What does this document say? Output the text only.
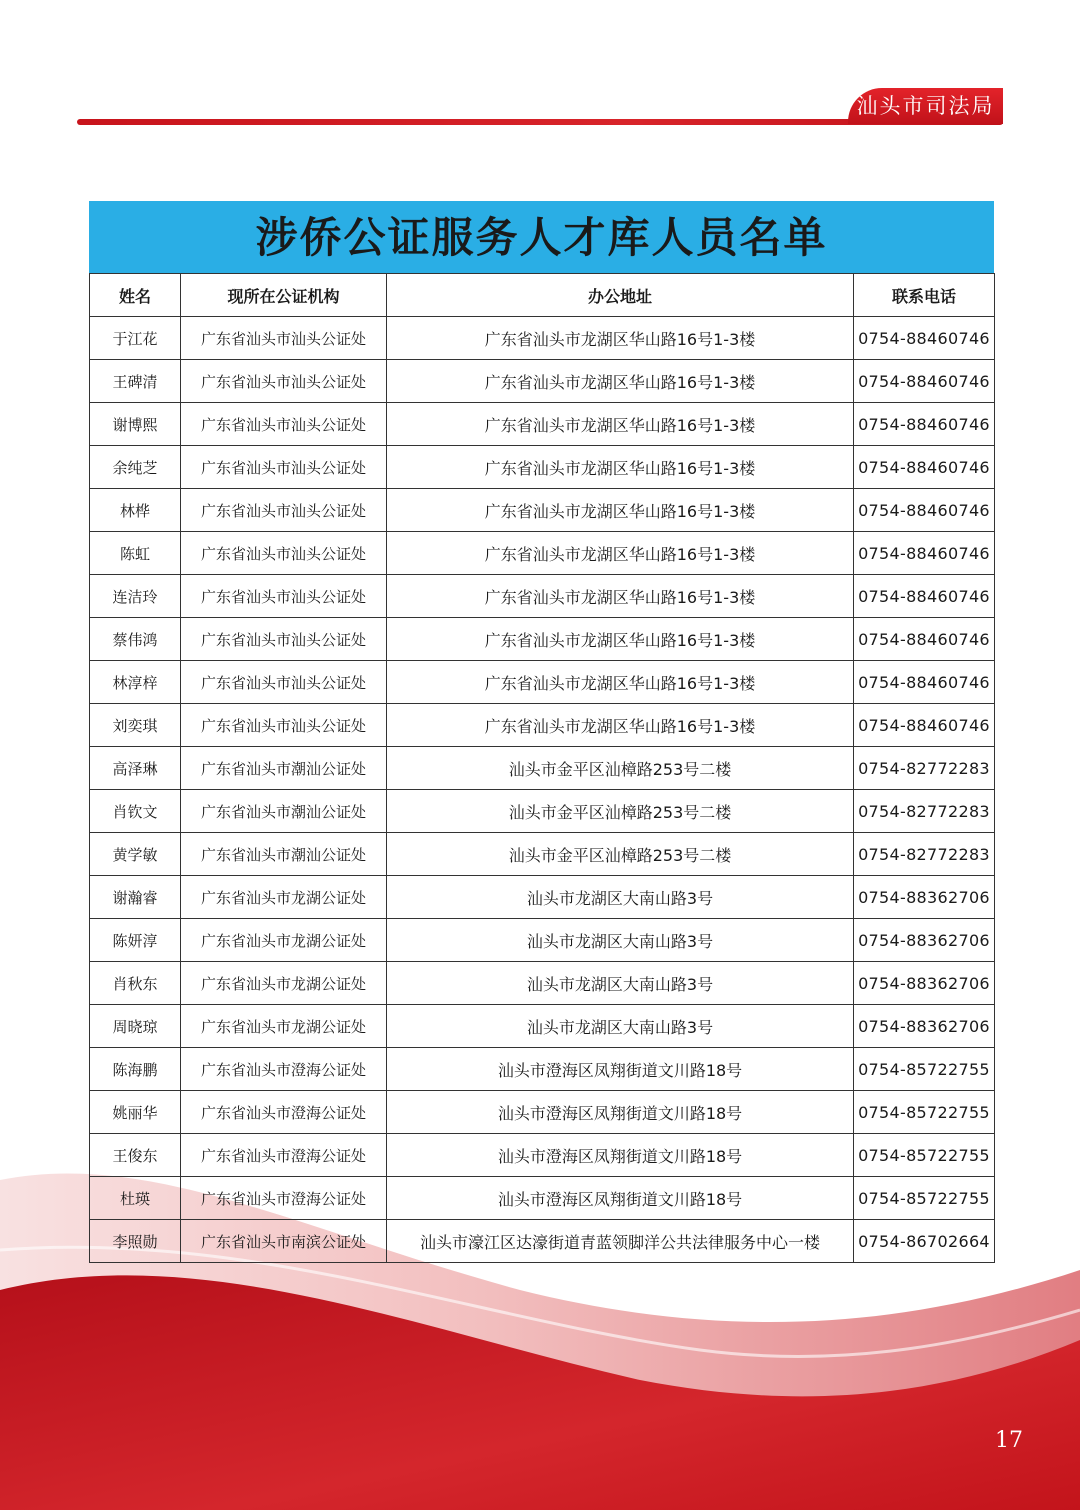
汕头市司法局
涉侨公证服务人才库人员名单
姓名	现所在公证机构	办公地址	联系电话
于江花	广东省汕头市汕头公证处	广东省汕头市龙湖区华山路16号1-3楼	0754-88460746
王碑清	广东省汕头市汕头公证处	广东省汕头市龙湖区华山路16号1-3楼	0754-88460746
谢博熙	广东省汕头市汕头公证处	广东省汕头市龙湖区华山路16号1-3楼	0754-88460746
余纯芝	广东省汕头市汕头公证处	广东省汕头市龙湖区华山路16号1-3楼	0754-88460746
林桦	广东省汕头市汕头公证处	广东省汕头市龙湖区华山路16号1-3楼	0754-88460746
陈虹	广东省汕头市汕头公证处	广东省汕头市龙湖区华山路16号1-3楼	0754-88460746
连洁玲	广东省汕头市汕头公证处	广东省汕头市龙湖区华山路16号1-3楼	0754-88460746
蔡伟鸿	广东省汕头市汕头公证处	广东省汕头市龙湖区华山路16号1-3楼	0754-88460746
林淳梓	广东省汕头市汕头公证处	广东省汕头市龙湖区华山路16号1-3楼	0754-88460746
刘奕琪	广东省汕头市汕头公证处	广东省汕头市龙湖区华山路16号1-3楼	0754-88460746
高泽琳	广东省汕头市潮汕公证处	汕头市金平区汕樟路253号二楼	0754-82772283
肖钦文	广东省汕头市潮汕公证处	汕头市金平区汕樟路253号二楼	0754-82772283
黄学敏	广东省汕头市潮汕公证处	汕头市金平区汕樟路253号二楼	0754-82772283
谢瀚睿	广东省汕头市龙湖公证处	汕头市龙湖区大南山路3号	0754-88362706
陈妍淳	广东省汕头市龙湖公证处	汕头市龙湖区大南山路3号	0754-88362706
肖秋东	广东省汕头市龙湖公证处	汕头市龙湖区大南山路3号	0754-88362706
周晓琼	广东省汕头市龙湖公证处	汕头市龙湖区大南山路3号	0754-88362706
陈海鹏	广东省汕头市澄海公证处	汕头市澄海区凤翔街道文川路18号	0754-85722755
姚丽华	广东省汕头市澄海公证处	汕头市澄海区凤翔街道文川路18号	0754-85722755
王俊东	广东省汕头市澄海公证处	汕头市澄海区凤翔街道文川路18号	0754-85722755
杜瑛	广东省汕头市澄海公证处	汕头市澄海区凤翔街道文川路18号	0754-85722755
李照勋	广东省汕头市南滨公证处	汕头市濠江区达濠街道青蓝领脚洋公共法律服务中心一楼	0754-86702664
17
